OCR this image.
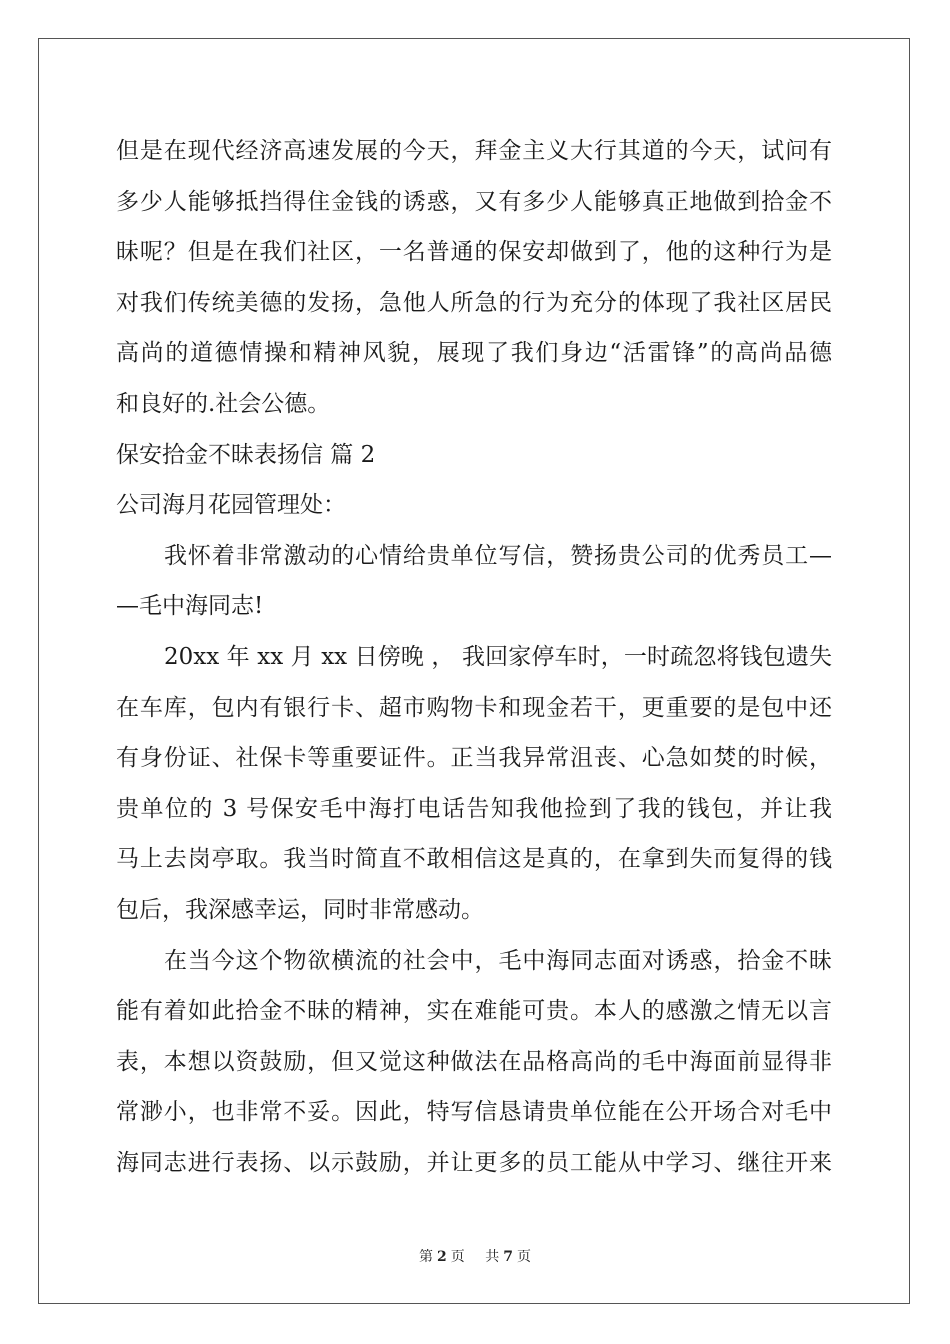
但是在现代经济高速发展的今天，拜金主义大行其道的今天，试问有
多少人能够抵挡得住金钱的诱惑，又有多少人能够真正地做到拾金不
昧呢？但是在我们社区，一名普通的保安却做到了，他的这种行为是
对我们传统美德的发扬，急他人所急的行为充分的体现了我社区居民
高尚的道德情操和精神风貌，展现了我们身边“活雷锋”的高尚品德
和良好的.社会公德。
保安拾金不昧表扬信 篇 2
公司海月花园管理处：
我怀着非常激动的心情给贵单位写信，赞扬贵公司的优秀员工—
—毛中海同志!
20xx 年 xx 月 xx 日傍晚 ， 我回家停车时，一时疏忽将钱包遗失
在车库，包内有银行卡、超市购物卡和现金若干，更重要的是包中还
有身份证、社保卡等重要证件。正当我异常沮丧、心急如焚的时候，
贵单位的 3 号保安毛中海打电话告知我他捡到了我的钱包，并让我
马上去岗亭取。我当时简直不敢相信这是真的，在拿到失而复得的钱
包后，我深感幸运，同时非常感动。
在当今这个物欲横流的社会中，毛中海同志面对诱惑，拾金不昧
能有着如此拾金不昧的精神，实在难能可贵。本人的感激之情无以言
表，本想以资鼓励，但又觉这种做法在品格高尚的毛中海面前显得非
常渺小，也非常不妥。因此，特写信恳请贵单位能在公开场合对毛中
海同志进行表扬、以示鼓励，并让更多的员工能从中学习、继往开来
第 2 页 共 7 页
